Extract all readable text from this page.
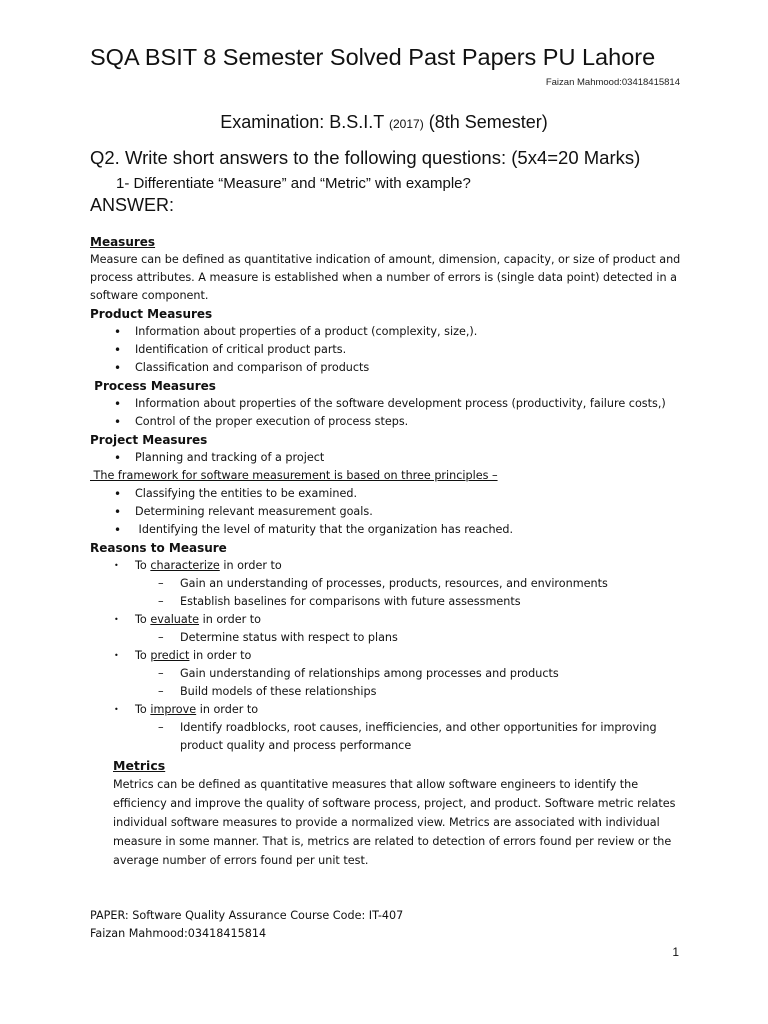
SQA BSIT 8 Semester Solved Past Papers PU Lahore
Faizan Mahmood:03418415814
Examination: B.S.I.T (2017) (8th Semester)
Q2. Write short answers to the following questions: (5x4=20 Marks)
1- Differentiate “Measure” and “Metric” with example?
ANSWER:

Measures

Measure can be defined as quantitative indication of amount, dimension, capacity, or size of product and process attributes. A measure is established when a number of errors is (single data point) detected in a software component.

Product Measures

• Information about properties of a product (complexity, size,).
• Identification of critical product parts.
• Classification and comparison of products

Process Measures

• Information about properties of the software development process (productivity, failure costs,)
• Control of the proper execution of process steps.

Project Measures

• Planning and tracking of a project

The framework for software measurement is based on three principles –

• Classifying the entities to be examined.
• Determining relevant measurement goals.
•  Identifying the level of maturity that the organization has reached.

Reasons to Measure

• To characterize in order to
– Gain an understanding of processes, products, resources, and environments
– Establish baselines for comparisons with future assessments
• To evaluate in order to
– Determine status with respect to plans
• To predict in order to
– Gain understanding of relationships among processes and products
– Build models of these relationships
• To improve in order to
– Identify roadblocks, root causes, inefficiencies, and other opportunities for improving product quality and process performance

Metrics

Metrics can be defined as quantitative measures that allow software engineers to identify the efficiency and improve the quality of software process, project, and product. Software metric relates individual software measures to provide a normalized view. Metrics are associated with individual measure in some manner. That is, metrics are related to detection of errors found per review or the average number of errors found per unit test.

PAPER: Software Quality Assurance Course Code: IT-407

Faizan Mahmood:03418415814

1
